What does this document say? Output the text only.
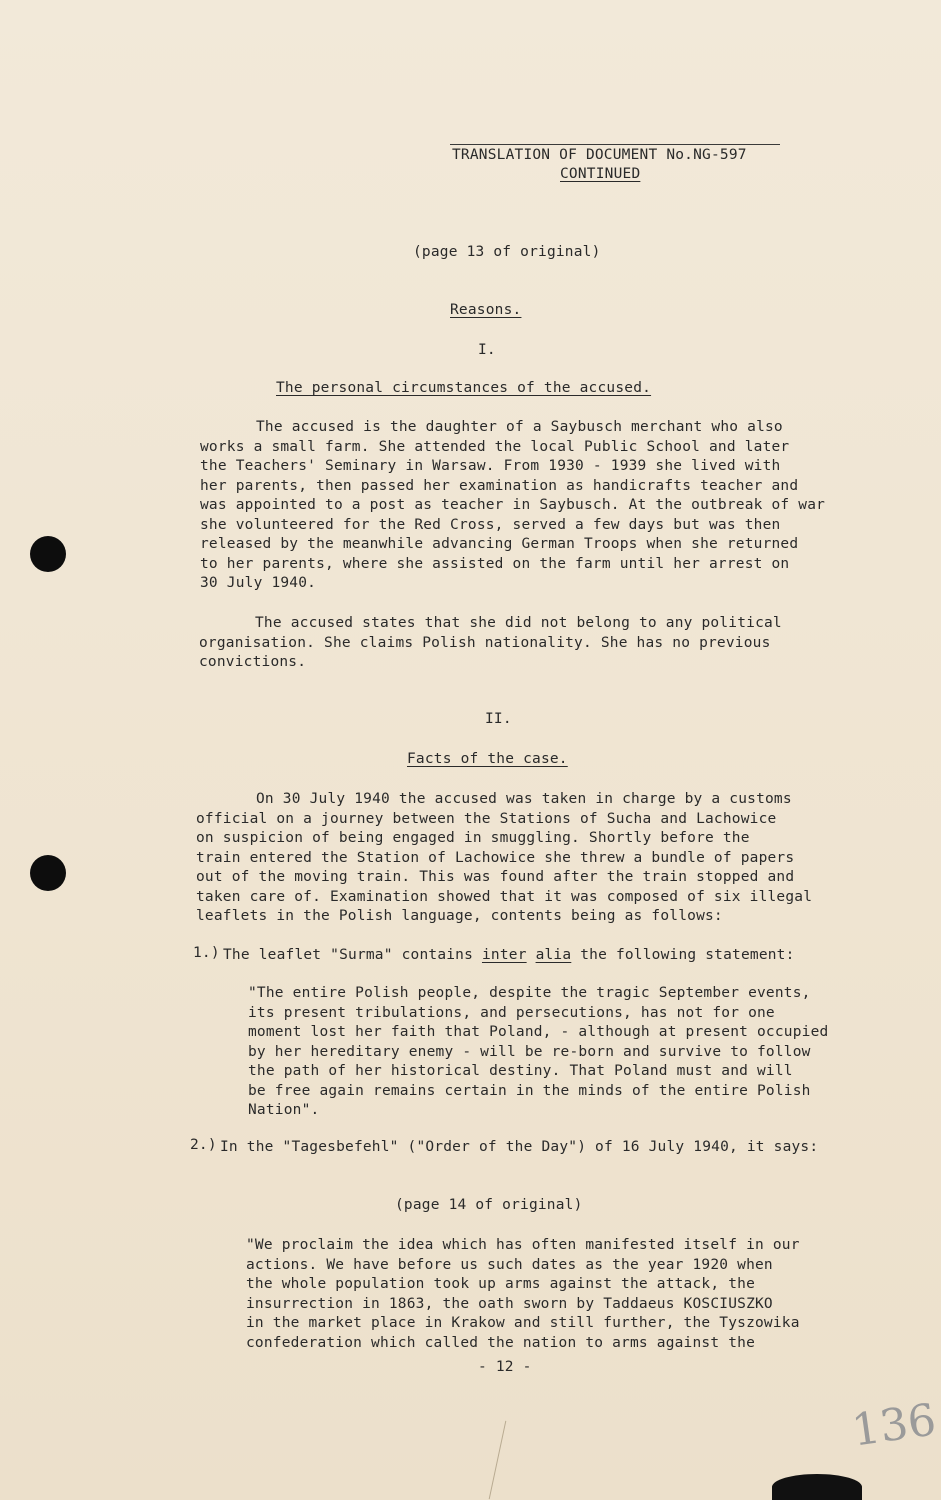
TRANSLATION OF DOCUMENT No.NG-597
CONTINUED
(page 13 of original)
Reasons.
I.
The personal circumstances of the accused.
The accused is the daughter of a Saybusch merchant who also
works a small farm. She attended the local Public School and later
the Teachers' Seminary in Warsaw. From 1930 - 1939 she lived with
her parents, then passed her examination as handicrafts teacher and
was appointed to a post as teacher in Saybusch. At the outbreak of war
she volunteered for the Red Cross, served a few days but was then
released by the meanwhile advancing German Troops when she returned
to her parents, where she assisted on the farm until her arrest on
30 July 1940.
The accused states that she did not belong to any political
organisation. She claims Polish nationality. She has no previous
convictions.
II.
Facts of the case.
On 30 July 1940 the accused was taken in charge by a customs
official on a journey between the Stations of Sucha and Lachowice
on suspicion of being engaged in smuggling. Shortly before the
train entered the Station of Lachowice she threw a bundle of papers
out of the moving train. This was found after the train stopped and
taken care of. Examination showed that it was composed of six illegal
leaflets in the Polish language, contents being as follows:
1.) The leaflet "Surma" contains inter alia the following statement:
"The entire Polish people, despite the tragic September events,
its present tribulations, and persecutions, has not for one
moment lost her faith that Poland, - although at present occupied
by her hereditary enemy - will be re-born and survive to follow
the path of her historical destiny. That Poland must and will
be free again remains certain in the minds of the entire Polish
Nation".
2.) In the "Tagesbefehl" ("Order of the Day") of 16 July 1940, it says:
(page 14 of original)
"We proclaim the idea which has often manifested itself in our
actions. We have before us such dates as the year 1920 when
the whole population took up arms against the attack, the
insurrection in 1863, the oath sworn by Taddaeus KOSCIUSZKO
in the market place in Krakow and still further, the Tyszowika
confederation which called the nation to arms against the
- 12 -
136
